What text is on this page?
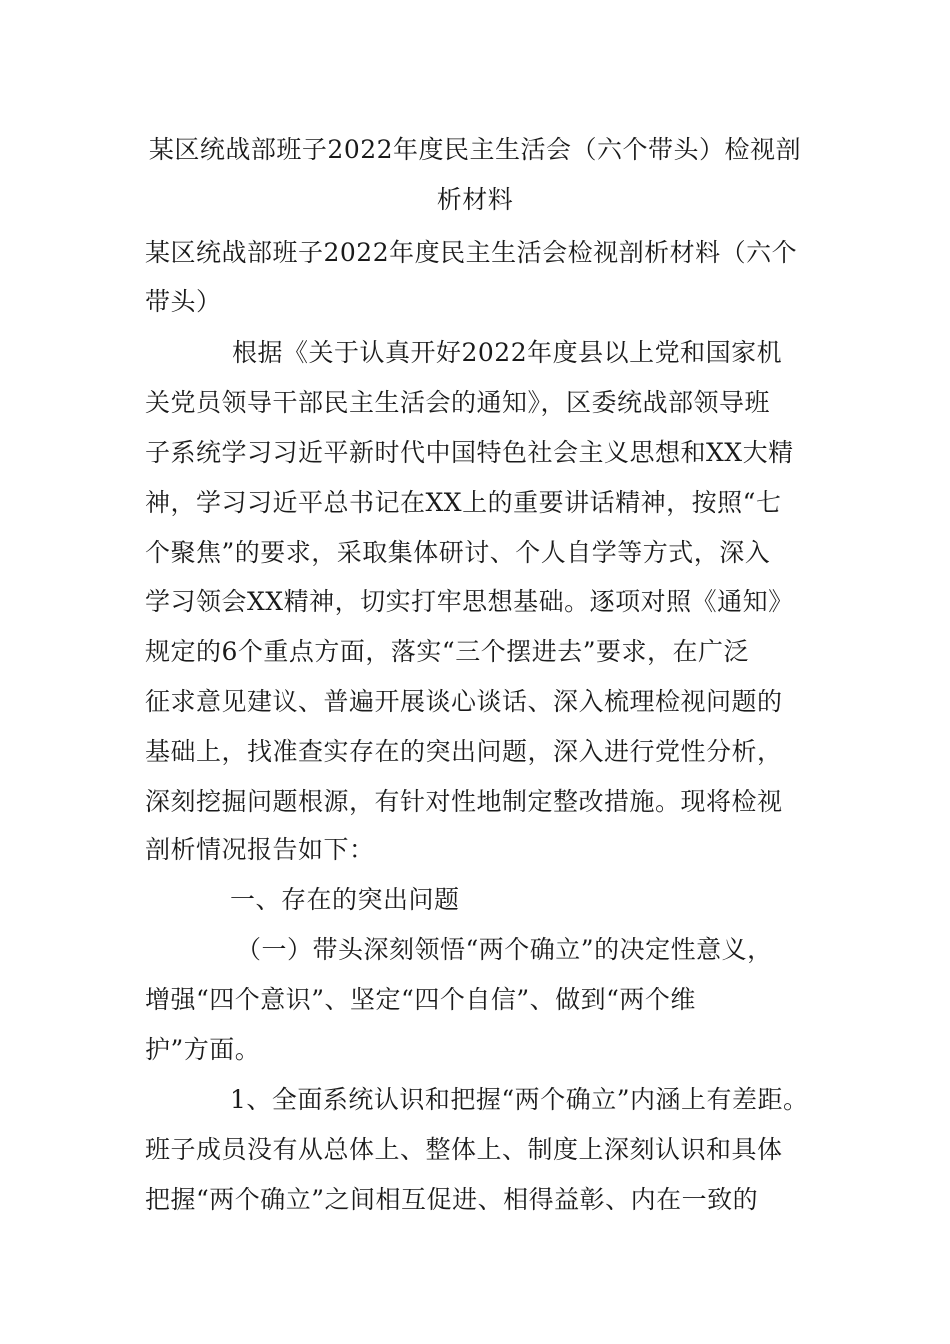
某区统战部班子2022年度民主生活会（六个带头）检视剖
析材料
某区统战部班子2022年度民主生活会检视剖析材料（六个
带头）
根据《关于认真开好2022年度县以上党和国家机
关党员领导干部民主生活会的通知》，区委统战部领导班
子系统学习习近平新时代中国特色社会主义思想和XX大精
神，学习习近平总书记在XX上的重要讲话精神，按照“七
个聚焦”的要求，采取集体研讨、个人自学等方式，深入
学习领会XX精神，切实打牢思想基础。逐项对照《通知》
规定的6个重点方面，落实“三个摆进去”要求，在广泛
征求意见建议、普遍开展谈心谈话、深入梳理检视问题的
基础上，找准查实存在的突出问题，深入进行党性分析，
深刻挖掘问题根源，有针对性地制定整改措施。现将检视
剖析情况报告如下：
一、存在的突出问题
（一）带头深刻领悟“两个确立”的决定性意义，
增强“四个意识”、坚定“四个自信”、做到“两个维
护”方面。
1、全面系统认识和把握“两个确立”内涵上有差距。
班子成员没有从总体上、整体上、制度上深刻认识和具体
把握“两个确立”之间相互促进、相得益彰、内在一致的
